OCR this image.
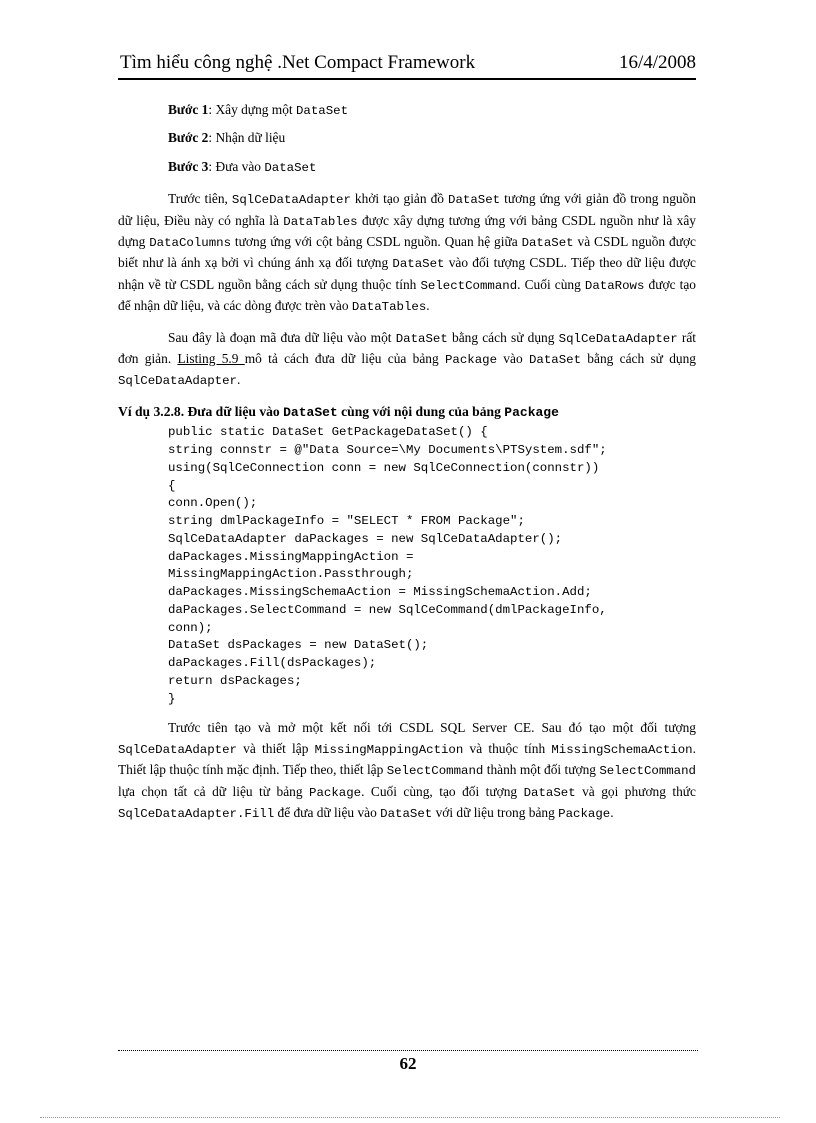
Tìm hiểu công nghệ .Net Compact Framework	16/4/2008
Bước 1: Xây dựng một DataSet
Bước 2: Nhận dữ liệu
Bước 3: Đưa vào DataSet

Trước tiên, SqlCeDataAdapter khởi tạo giản đồ DataSet tương ứng với giản đồ trong nguồn dữ liệu, Điều này có nghĩa là DataTables được xây dựng tương ứng với bảng CSDL nguồn như là xây dựng DataColumns tương ứng với cột bảng CSDL nguồn. Quan hệ giữa DataSet và CSDL nguồn được biết như là ánh xạ bởi vì chúng ánh xạ đối tượng DataSet vào đối tượng CSDL. Tiếp theo dữ liệu được nhận về từ CSDL nguồn bằng cách sử dụng thuộc tính SelectCommand. Cuối cùng DataRows được tạo để nhận dữ liệu, và các dòng được trèn vào DataTables.

Sau đây là đoạn mã đưa dữ liệu vào một DataSet bằng cách sử dụng SqlCeDataAdapter rất đơn giản. Listing 5.9 mô tả cách đưa dữ liệu của bảng Package vào DataSet bằng cách sử dụng SqlCeDataAdapter.

Ví dụ 3.2.8. Đưa dữ liệu vào DataSet cùng với nội dung của bảng Package

public static DataSet GetPackageDataSet() {
string connstr = @"Data Source=\My Documents\PTSystem.sdf";
using(SqlCeConnection conn = new SqlCeConnection(connstr))
{
conn.Open();
string dmlPackageInfo = "SELECT * FROM Package";
SqlCeDataAdapter daPackages = new SqlCeDataAdapter();
daPackages.MissingMappingAction =
MissingMappingAction.Passthrough;
daPackages.MissingSchemaAction = MissingSchemaAction.Add;
daPackages.SelectCommand = new SqlCeCommand(dmlPackageInfo,
conn);
DataSet dsPackages = new DataSet();
daPackages.Fill(dsPackages);
return dsPackages;
}

Trước tiên tạo và mở một kết nối tới CSDL SQL Server CE. Sau đó tạo một đối tượng SqlCeDataAdapter và thiết lập MissingMappingAction và thuộc tính MissingSchemaAction. Thiết lập thuộc tính mặc định. Tiếp theo, thiết lập SelectCommand thành một đối tượng SelectCommand lựa chọn tất cả dữ liệu từ bảng Package. Cuối cùng, tạo đối tượng DataSet và gọi phương thức SqlCeDataAdapter.Fill để đưa dữ liệu vào DataSet với dữ liệu trong bảng Package.

62
